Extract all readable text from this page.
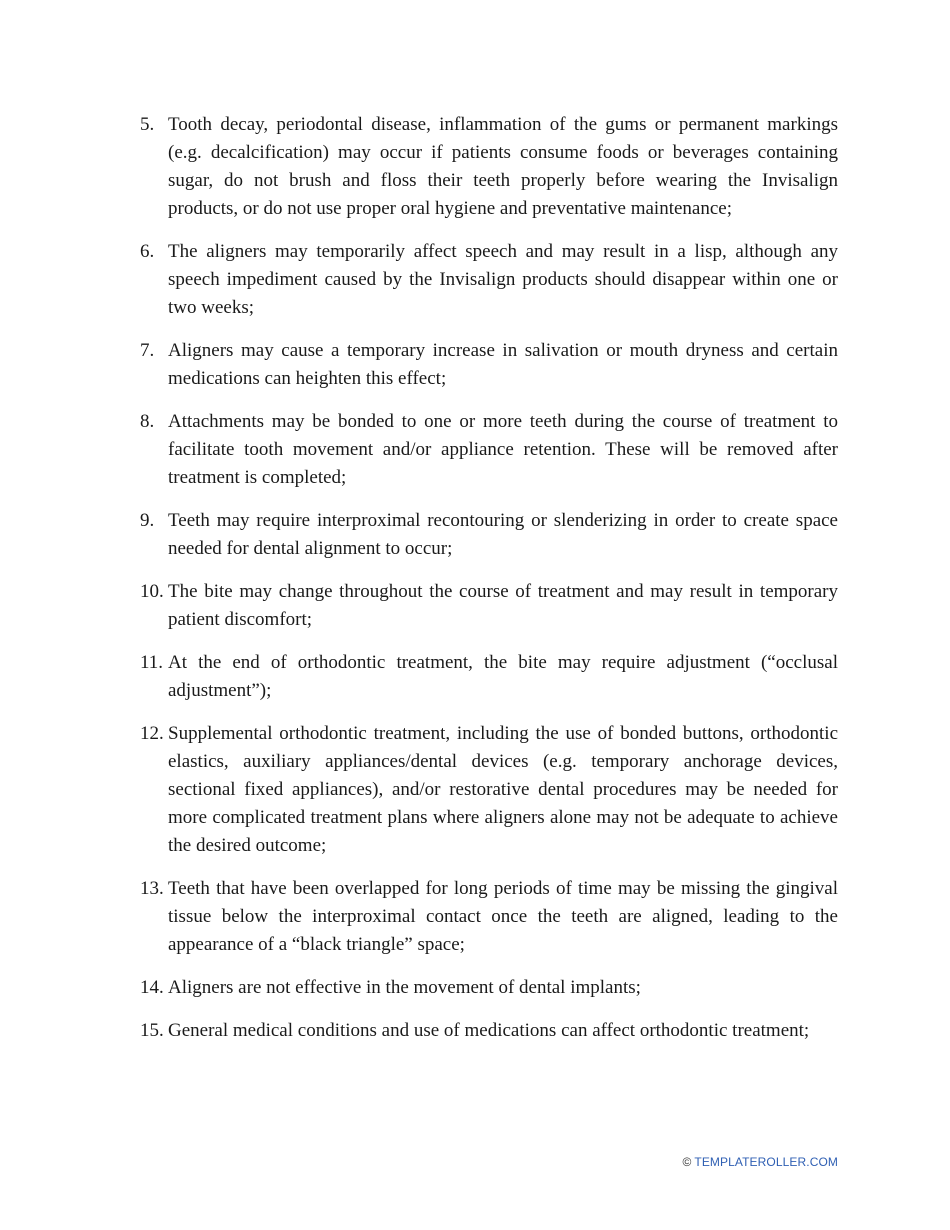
5. Tooth decay, periodontal disease, inflammation of the gums or permanent markings (e.g. decalcification) may occur if patients consume foods or beverages containing sugar, do not brush and floss their teeth properly before wearing the Invisalign products, or do not use proper oral hygiene and preventative maintenance;
6. The aligners may temporarily affect speech and may result in a lisp, although any speech impediment caused by the Invisalign products should disappear within one or two weeks;
7. Aligners may cause a temporary increase in salivation or mouth dryness and certain medications can heighten this effect;
8. Attachments may be bonded to one or more teeth during the course of treatment to facilitate tooth movement and/or appliance retention. These will be removed after treatment is completed;
9. Teeth may require interproximal recontouring or slenderizing in order to create space needed for dental alignment to occur;
10. The bite may change throughout the course of treatment and may result in temporary patient discomfort;
11. At the end of orthodontic treatment, the bite may require adjustment (“occlusal adjustment”);
12. Supplemental orthodontic treatment, including the use of bonded buttons, orthodontic elastics, auxiliary appliances/dental devices (e.g. temporary anchorage devices, sectional fixed appliances), and/or restorative dental procedures may be needed for more complicated treatment plans where aligners alone may not be adequate to achieve the desired outcome;
13. Teeth that have been overlapped for long periods of time may be missing the gingival tissue below the interproximal contact once the teeth are aligned, leading to the appearance of a “black triangle” space;
14. Aligners are not effective in the movement of dental implants;
15. General medical conditions and use of medications can affect orthodontic treatment;
© TEMPLATEROLLER.COM
